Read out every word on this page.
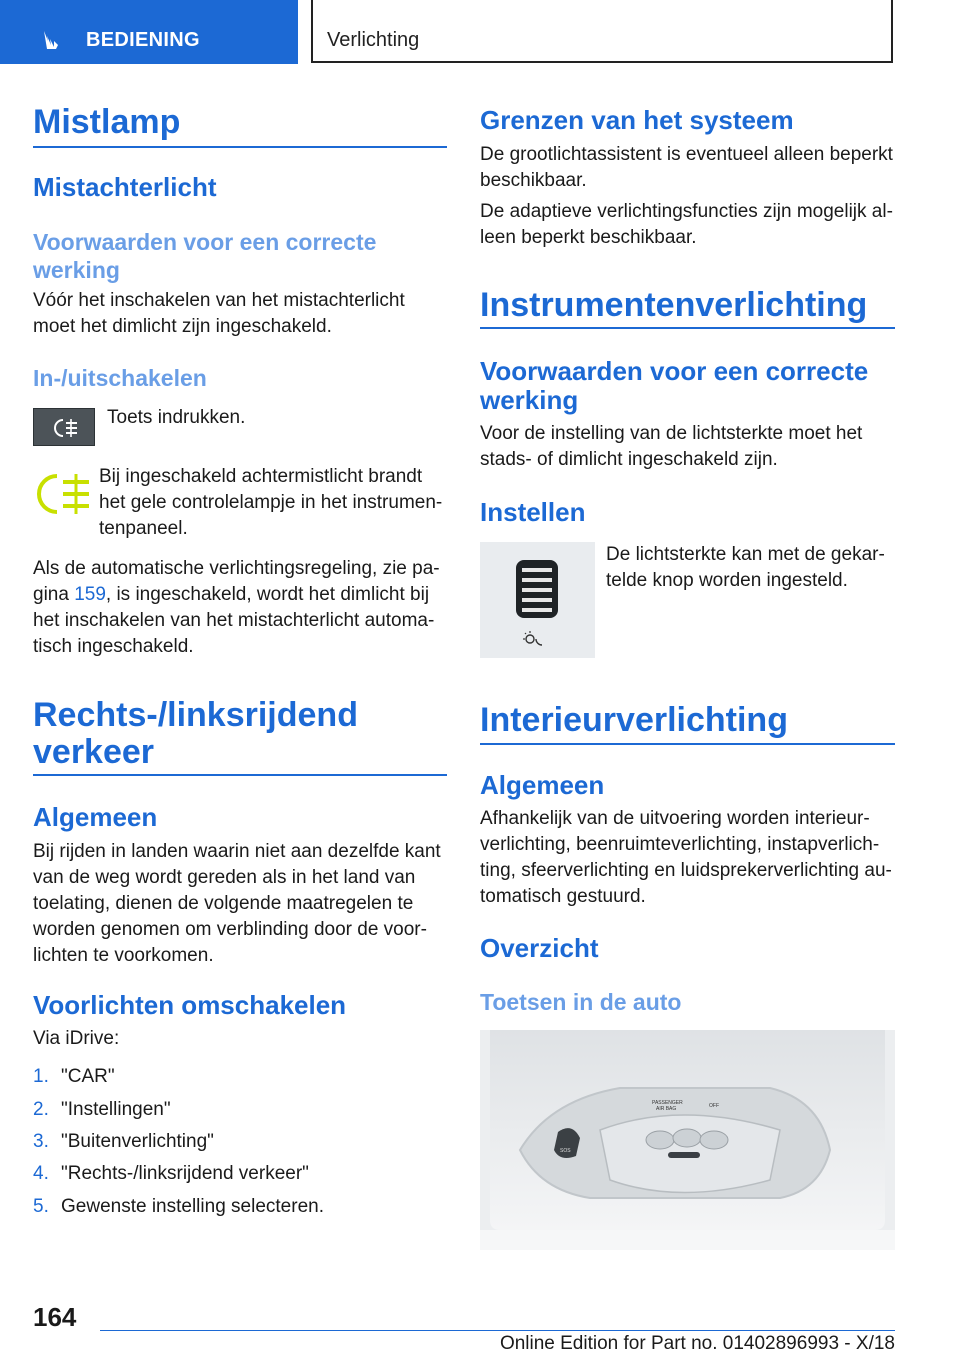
BEDIENING	Verlichting
Mistlamp
Mistachterlicht
Voorwaarden voor een correcte werking
Vóór het inschakelen van het mistachterlicht moet het dimlicht zijn ingeschakeld.
In-/uitschakelen
Toets indrukken.
Bij ingeschakeld achtermistlicht brandt het gele controlelampje in het instrumentenpaneel.
Als de automatische verlichtingsregeling, zie pagina 159, is ingeschakeld, wordt het dimlicht bij het inschakelen van het mistachterlicht automatisch ingeschakeld.
Rechts-/linksrijdend verkeer
Algemeen
Bij rijden in landen waarin niet aan dezelfde kant van de weg wordt gereden als in het land van toelating, dienen de volgende maatregelen te worden genomen om verblinding door de voorlichten te voorkomen.
Voorlichten omschakelen
Via iDrive:
1. "CAR"
2. "Instellingen"
3. "Buitenverlichting"
4. "Rechts-/linksrijdend verkeer"
5. Gewenste instelling selecteren.
Grenzen van het systeem
De grootlichtassistent is eventueel alleen beperkt beschikbaar.
De adaptieve verlichtingsfuncties zijn mogelijk alleen beperkt beschikbaar.
Instrumentenverlichting
Voorwaarden voor een correcte werking
Voor de instelling van de lichtsterkte moet het stads- of dimlicht ingeschakeld zijn.
Instellen
De lichtsterkte kan met de gekartelde knop worden ingesteld.
Interieurverlichting
Algemeen
Afhankelijk van de uitvoering worden interieurverlichting, beenruimteverlichting, instapverlichting, sfeerverlichting en luidsprekerverlichting automatisch gestuurd.
Overzicht
Toetsen in de auto
PASSENGER
AIR BAG	OFF
SOS
164
Online Edition for Part no. 01402896993 - X/18
